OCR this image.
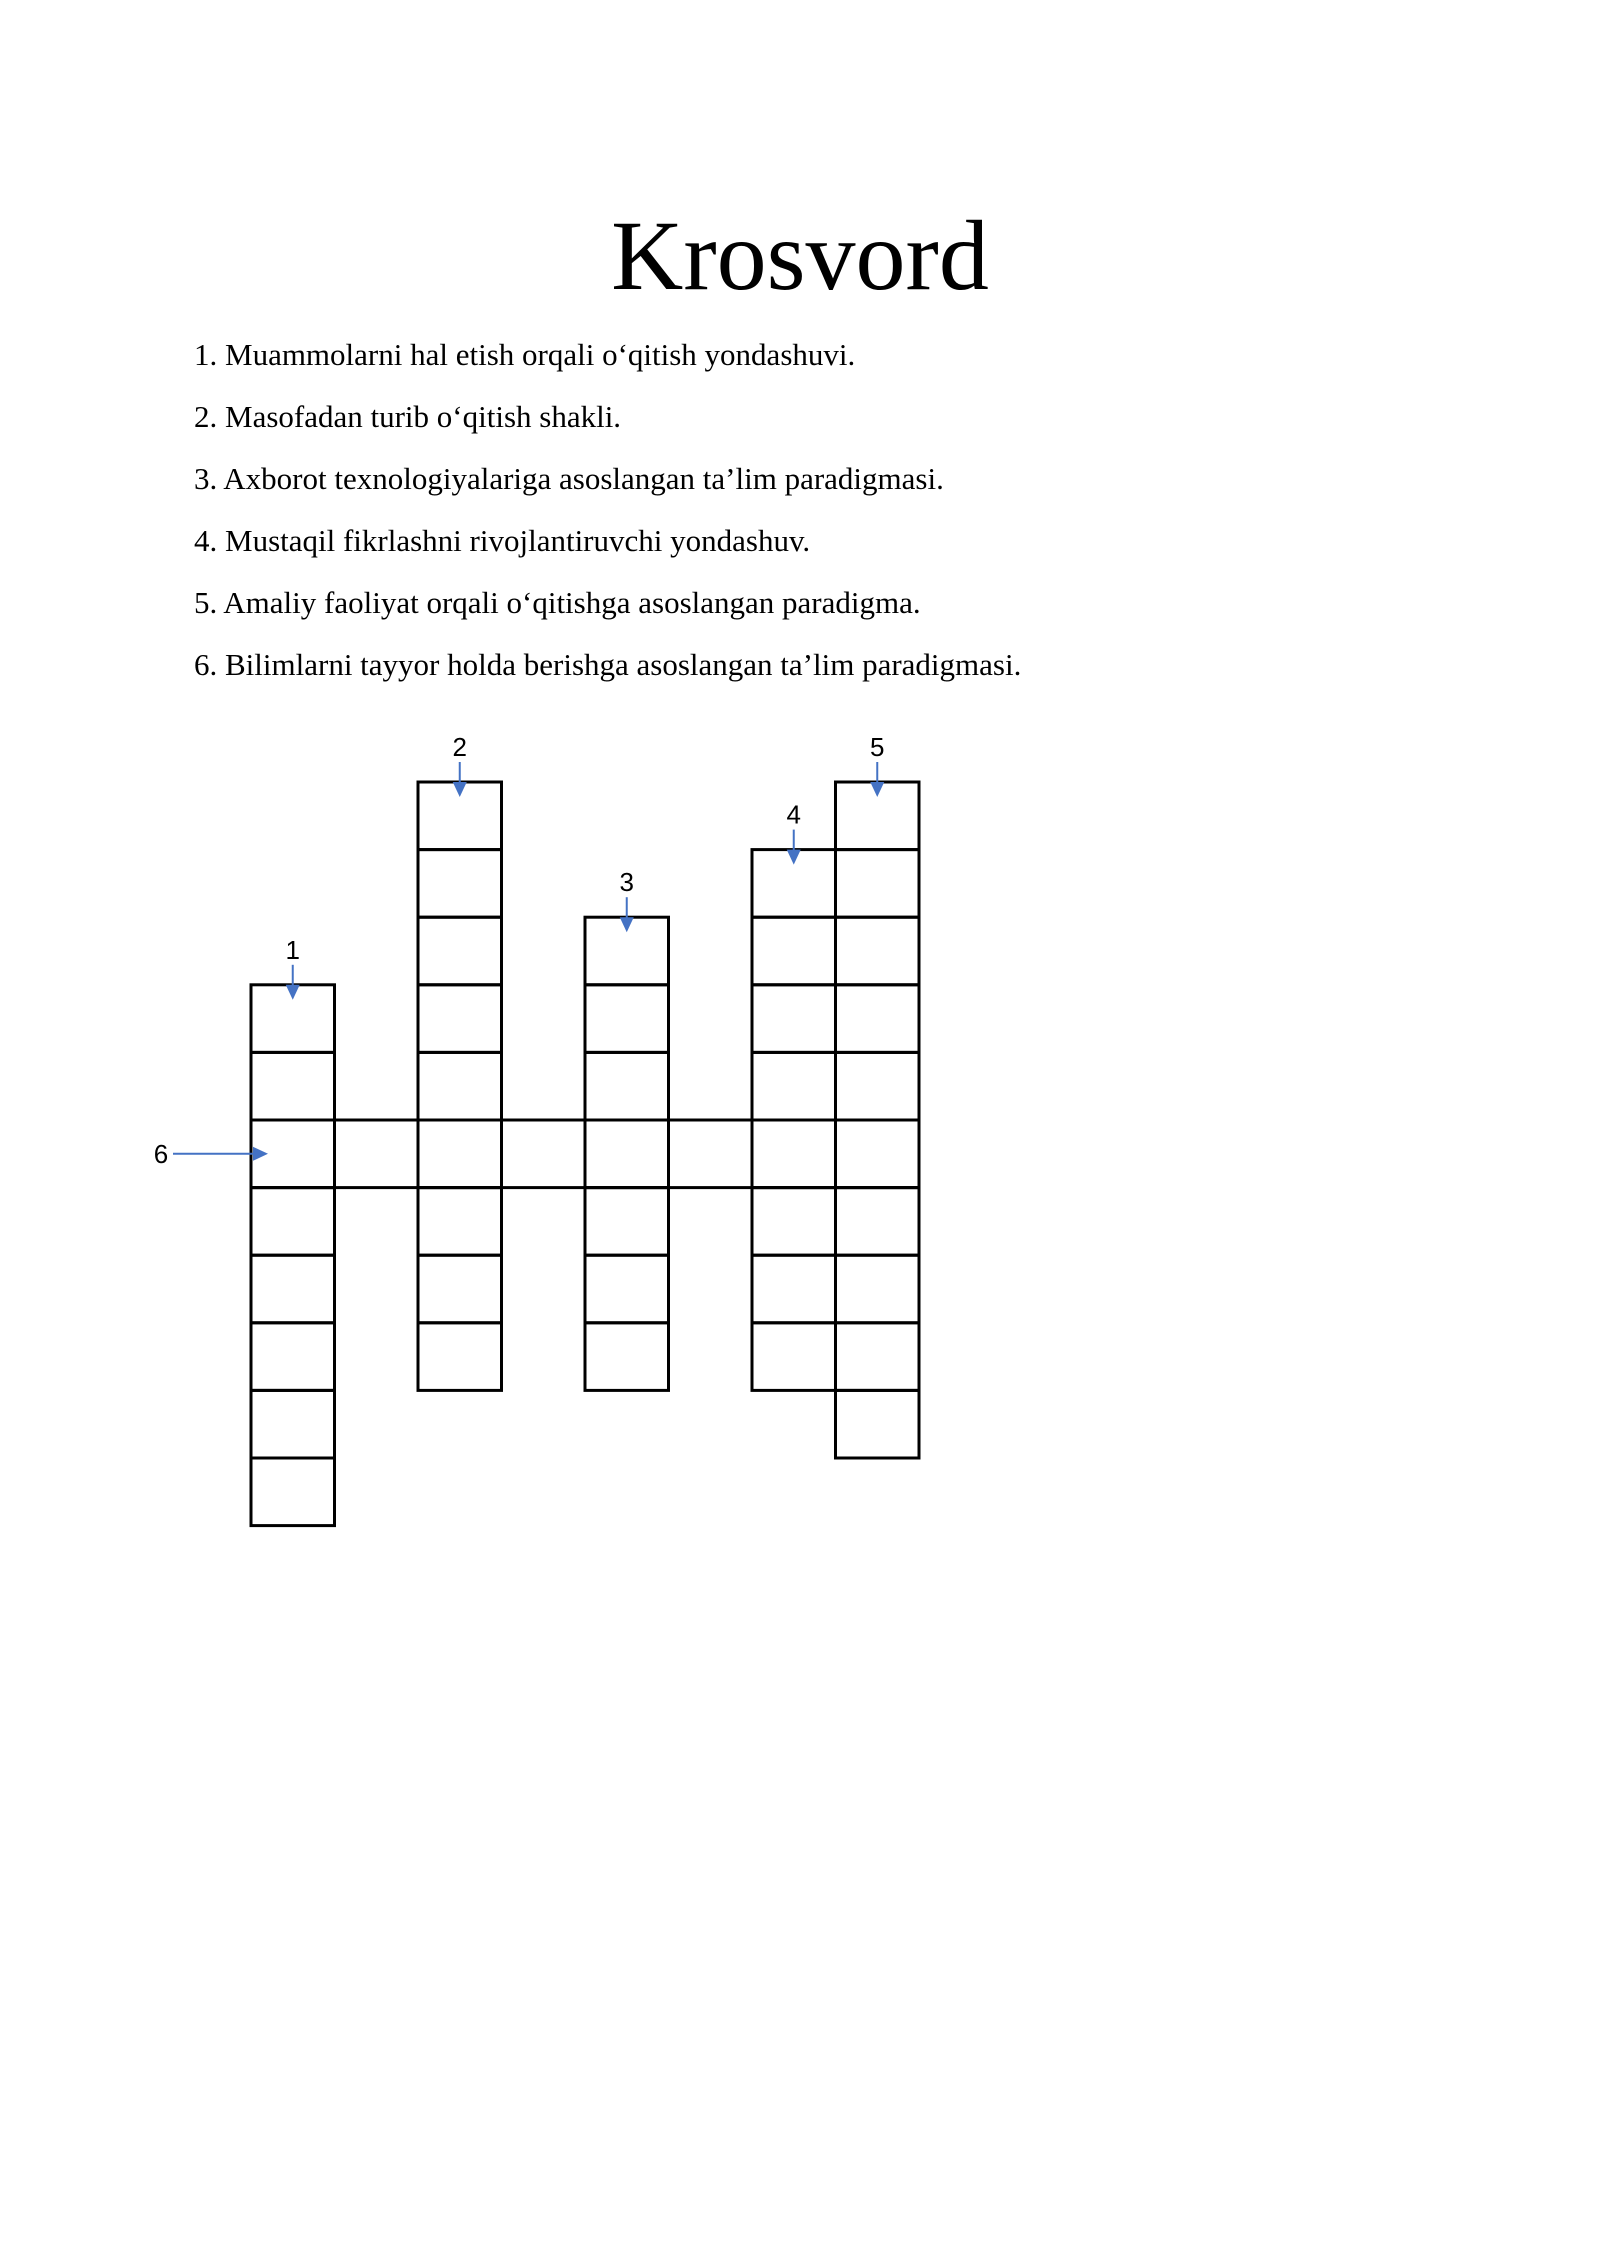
Krosvord
1. Muammolarni hal etish orqali o‘qitish yondashuvi.
2. Masofadan turib o‘qitish shakli.
3. Axborot texnologiyalariga asoslangan ta’lim paradigmasi.
4. Mustaqil fikrlashni rivojlantiruvchi yondashuv.
5. Amaliy faoliyat orqali o‘qitishga asoslangan paradigma.
6. Bilimlarni tayyor holda berishga asoslangan ta’lim paradigmasi.
1
2
3
4
5
6
